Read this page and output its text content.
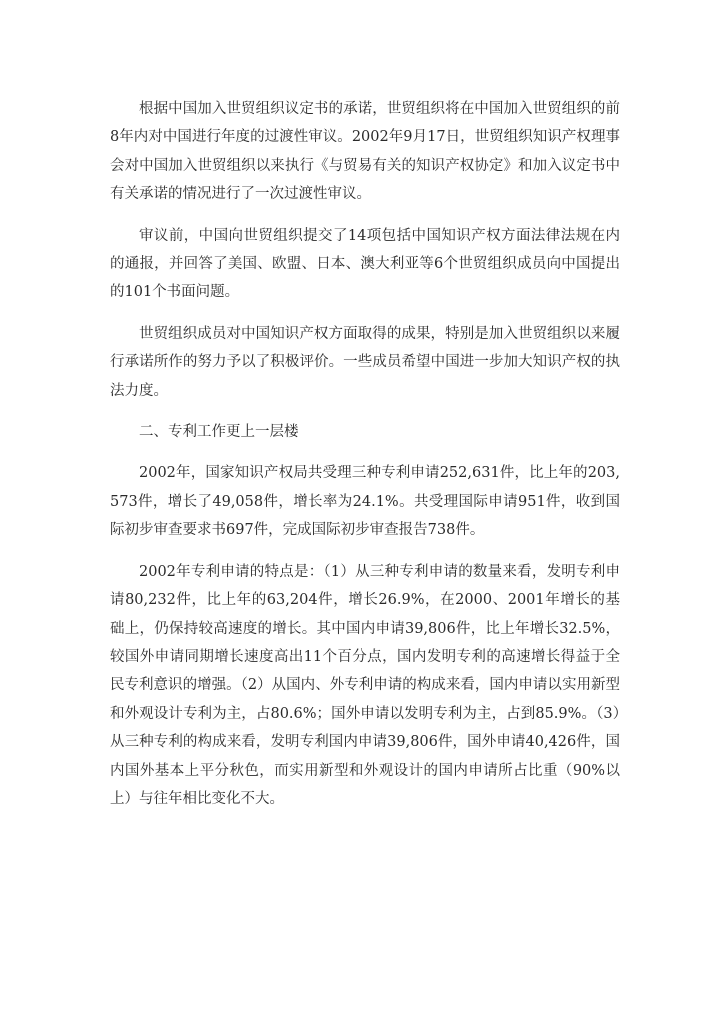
根据中国加入世贸组织议定书的承诺，世贸组织将在中国加入世贸组织的前8年内对中国进行年度的过渡性审议。2002年9月17日，世贸组织知识产权理事会对中国加入世贸组织以来执行《与贸易有关的知识产权协定》和加入议定书中有关承诺的情况进行了一次过渡性审议。

审议前，中国向世贸组织提交了14项包括中国知识产权方面法律法规在内的通报，并回答了美国、欧盟、日本、澳大利亚等6个世贸组织成员向中国提出的101个书面问题。

世贸组织成员对中国知识产权方面取得的成果，特别是加入世贸组织以来履行承诺所作的努力予以了积极评价。一些成员希望中国进一步加大知识产权的执法力度。

二、专利工作更上一层楼

2002年，国家知识产权局共受理三种专利申请252,631件，比上年的203,573件，增长了49,058件，增长率为24.1%。共受理国际申请951件，收到国际初步审查要求书697件，完成国际初步审查报告738件。

2002年专利申请的特点是：（1）从三种专利申请的数量来看，发明专利申请80,232件，比上年的63,204件，增长26.9%，在2000、2001年增长的基础上，仍保持较高速度的增长。其中国内申请39,806件，比上年增长32.5%，较国外申请同期增长速度高出11个百分点，国内发明专利的高速增长得益于全民专利意识的增强。（2）从国内、外专利申请的构成来看，国内申请以实用新型和外观设计专利为主，占80.6%；国外申请以发明专利为主，占到85.9%。（3）从三种专利的构成来看，发明专利国内申请39,806件，国外申请40,426件，国内国外基本上平分秋色，而实用新型和外观设计的国内申请所占比重（90%以上）与往年相比变化不大。
